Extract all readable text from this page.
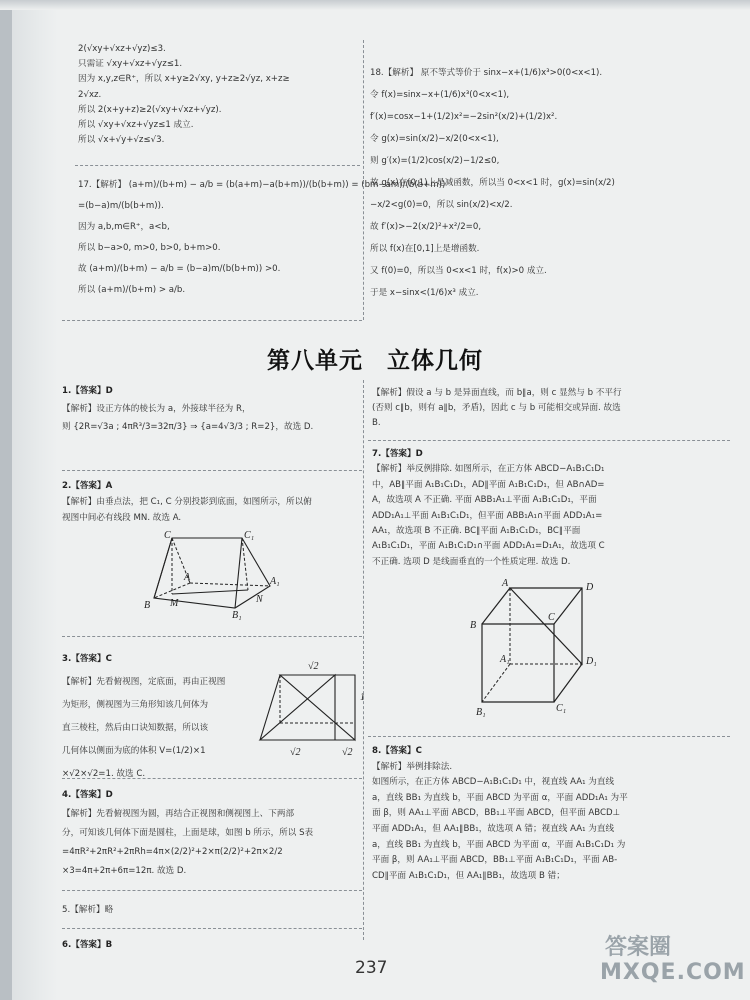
2(√xy+√xz+√yz)≤3.
只需证 √xy+√xz+√yz≤1.
因为 x,y,z∈R⁺，所以 x+y≥2√xy, y+z≥2√yz, x+z≥
2√xz.
所以 2(x+y+z)≥2(√xy+√xz+√yz).
所以 √xy+√xz+√yz≤1 成立.
所以 √x+√y+√z≤√3.
17.【解析】 (a+m)/(b+m) − a/b = (b(a+m)−a(b+m))/(b(b+m)) = (bm−am)/(b(b+m))
=(b−a)m/(b(b+m)).
因为 a,b,m∈R⁺，a<b,
所以 b−a>0, m>0, b>0, b+m>0.
故 (a+m)/(b+m) − a/b = (b−a)m/(b(b+m)) >0.
所以 (a+m)/(b+m) > a/b.
18.【解析】 原不等式等价于 sinx−x+(1/6)x³>0(0<x<1).
令 f(x)=sinx−x+(1/6)x³(0<x<1),
f′(x)=cosx−1+(1/2)x²=−2sin²(x/2)+(1/2)x².
令 g(x)=sin(x/2)−x/2(0<x<1),
则 g′(x)=(1/2)cos(x/2)−1/2≤0,
故 g(x)在(0,1)上是减函数，所以当 0<x<1 时，g(x)=sin(x/2)
−x/2<g(0)=0，所以 sin(x/2)<x/2.
故 f′(x)>−2(x/2)²+x²/2=0,
所以 f(x)在[0,1]上是增函数.
又 f(0)=0，所以当 0<x<1 时，f(x)>0 成立.
于是 x−sinx<(1/6)x³ 成立.
第八单元　立体几何
1.【答案】D
【解析】设正方体的棱长为 a，外接球半径为 R，
则 {2R=√3a ; 4πR³/3=32π/3} ⇒ {a=4√3/3 ; R=2}，故选 D.
2.【答案】A
【解析】由垂点法，把 C₁, C 分别投影到底面，如图所示，所以俯
视图中间必有线段 MN. 故选 A.
C	C₁
M
A	A₁
B
B₁
N
3.【答案】C
【解析】先看俯视图，定底面，再由正视图
为矩形，侧视图为三角形知该几何体为
直三棱柱，然后由口诀知数据，所以该
几何体以侧面为底的体积 V=(1/2)×1
×√2×√2=1. 故选 C.
√2
1
√2	√2
4.【答案】D
【解析】先看俯视图为圆，再结合正视图和侧视图上、下两部
分，可知该几何体下面是圆柱，上面是球，如图 b 所示，所以 S表
=4πR²+2πR²+2πRh=4π×(2/2)²+2×π(2/2)²+2π×2/2
×3=4π+2π+6π=12π. 故选 D.
5.【解析】略
6.【答案】B
【解析】假设 a 与 b 是异面直线，而 b∥a，则 c 显然与 b 不平行
(否则 c∥b，则有 a∥b，矛盾)，因此 c 与 b 可能相交或异面. 故选
B.
7.【答案】D
【解析】举反例排除. 如图所示，在正方体 ABCD−A₁B₁C₁D₁
中，AB∥平面 A₁B₁C₁D₁，AD∥平面 A₁B₁C₁D₁，但 AB∩AD=
A，故选项 A 不正确. 平面 ABB₁A₁⊥平面 A₁B₁C₁D₁，平面
ADD₁A₁⊥平面 A₁B₁C₁D₁，但平面 ABB₁A₁∩平面 ADD₁A₁=
AA₁，故选项 B 不正确. BC∥平面 A₁B₁C₁D₁，BC∥平面
A₁B₁C₁D₁，平面 A₁B₁C₁D₁∩平面 ADD₁A₁=D₁A₁，故选项 C
不正确. 选项 D 是线面垂直的一个性质定理. 故选 D.
A	D
B
C
A₁	D₁
B₁	C₁
8.【答案】C
【解析】举例排除法.
如图所示，在正方体 ABCD−A₁B₁C₁D₁ 中，视直线 AA₁ 为直线
a，直线 BB₁ 为直线 b，平面 ABCD 为平面 α，平面 ADD₁A₁ 为平
面 β，则 AA₁⊥平面 ABCD，BB₁⊥平面 ABCD，但平面 ABCD⊥
平面 ADD₁A₁，但 AA₁∥BB₁，故选项 A 错；视直线 AA₁ 为直线
a，直线 BB₁ 为直线 b，平面 ABCD 为平面 α，平面 A₁B₁C₁D₁ 为
平面 β，则 AA₁⊥平面 ABCD，BB₁⊥平面 A₁B₁C₁D₁，平面 AB-
CD∥平面 A₁B₁C₁D₁，但 AA₁∥BB₁，故选项 B 错；
237
答案圈
MXQE.COM
